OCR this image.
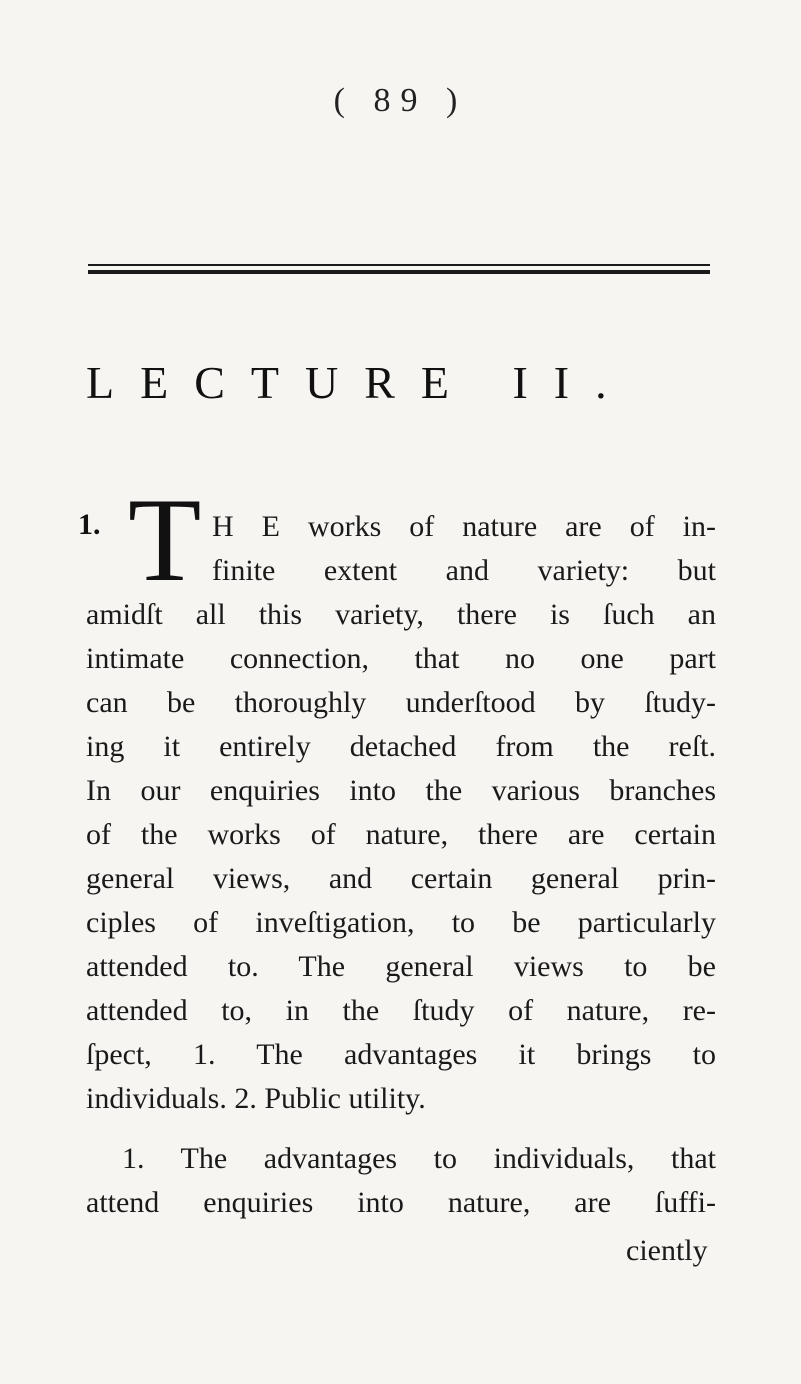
( 89 )
LECTURE II.
1. T H E works of nature are of in-
finite extent and variety: but
amidſt all this variety, there is ſuch an
intimate connection, that no one part
can be thoroughly underſtood by ſtudy-
ing it entirely detached from the reſt.
In our enquiries into the various branches
of the works of nature, there are certain
general views, and certain general prin-
ciples of inveſtigation, to be particularly
attended to. The general views to be
attended to, in the ſtudy of nature, re-
ſpect, 1. The advantages it brings to
individuals. 2. Public utility.
1. The advantages to individuals, that
attend enquiries into nature, are ſuffi-
ciently
